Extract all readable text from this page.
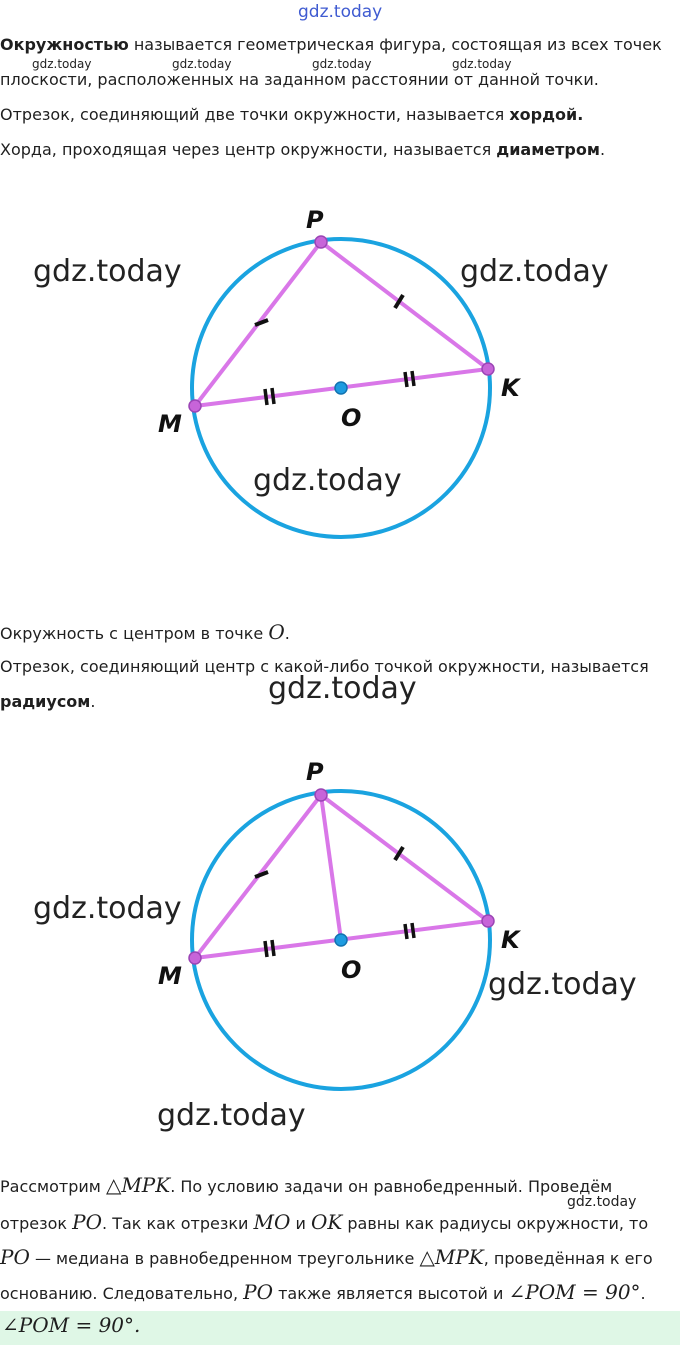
gdz.today
Окружностью называется геометрическая фигура, состоящая из всех точек
gdz.today	gdz.today	gdz.today	gdz.today
плоскости, расположенных на заданном расстоянии от данной точки.
Отрезок, соединяющий две точки окружности, называется хордой.
Хорда, проходящая через центр окружности, называется диаметром.
P
M
K
O
gdz.today	gdz.today
gdz.today
Окружность с центром в точке O.
Отрезок, соединяющий центр с какой-либо точкой окружности, называется
gdz.today
радиусом.
P
M
K
O
gdz.today
gdz.today
gdz.today
Рассмотрим △MPK. По условию задачи он равнобедренный. Проведём
gdz.today
отрезок PO. Так как отрезки MO и OK равны как радиусы окружности, то
PO — медиана в равнобедренном треугольнике △MPK, проведённая к его
основанию. Следовательно, PO также является высотой и ∠POM = 90°.
∠POM = 90°.
